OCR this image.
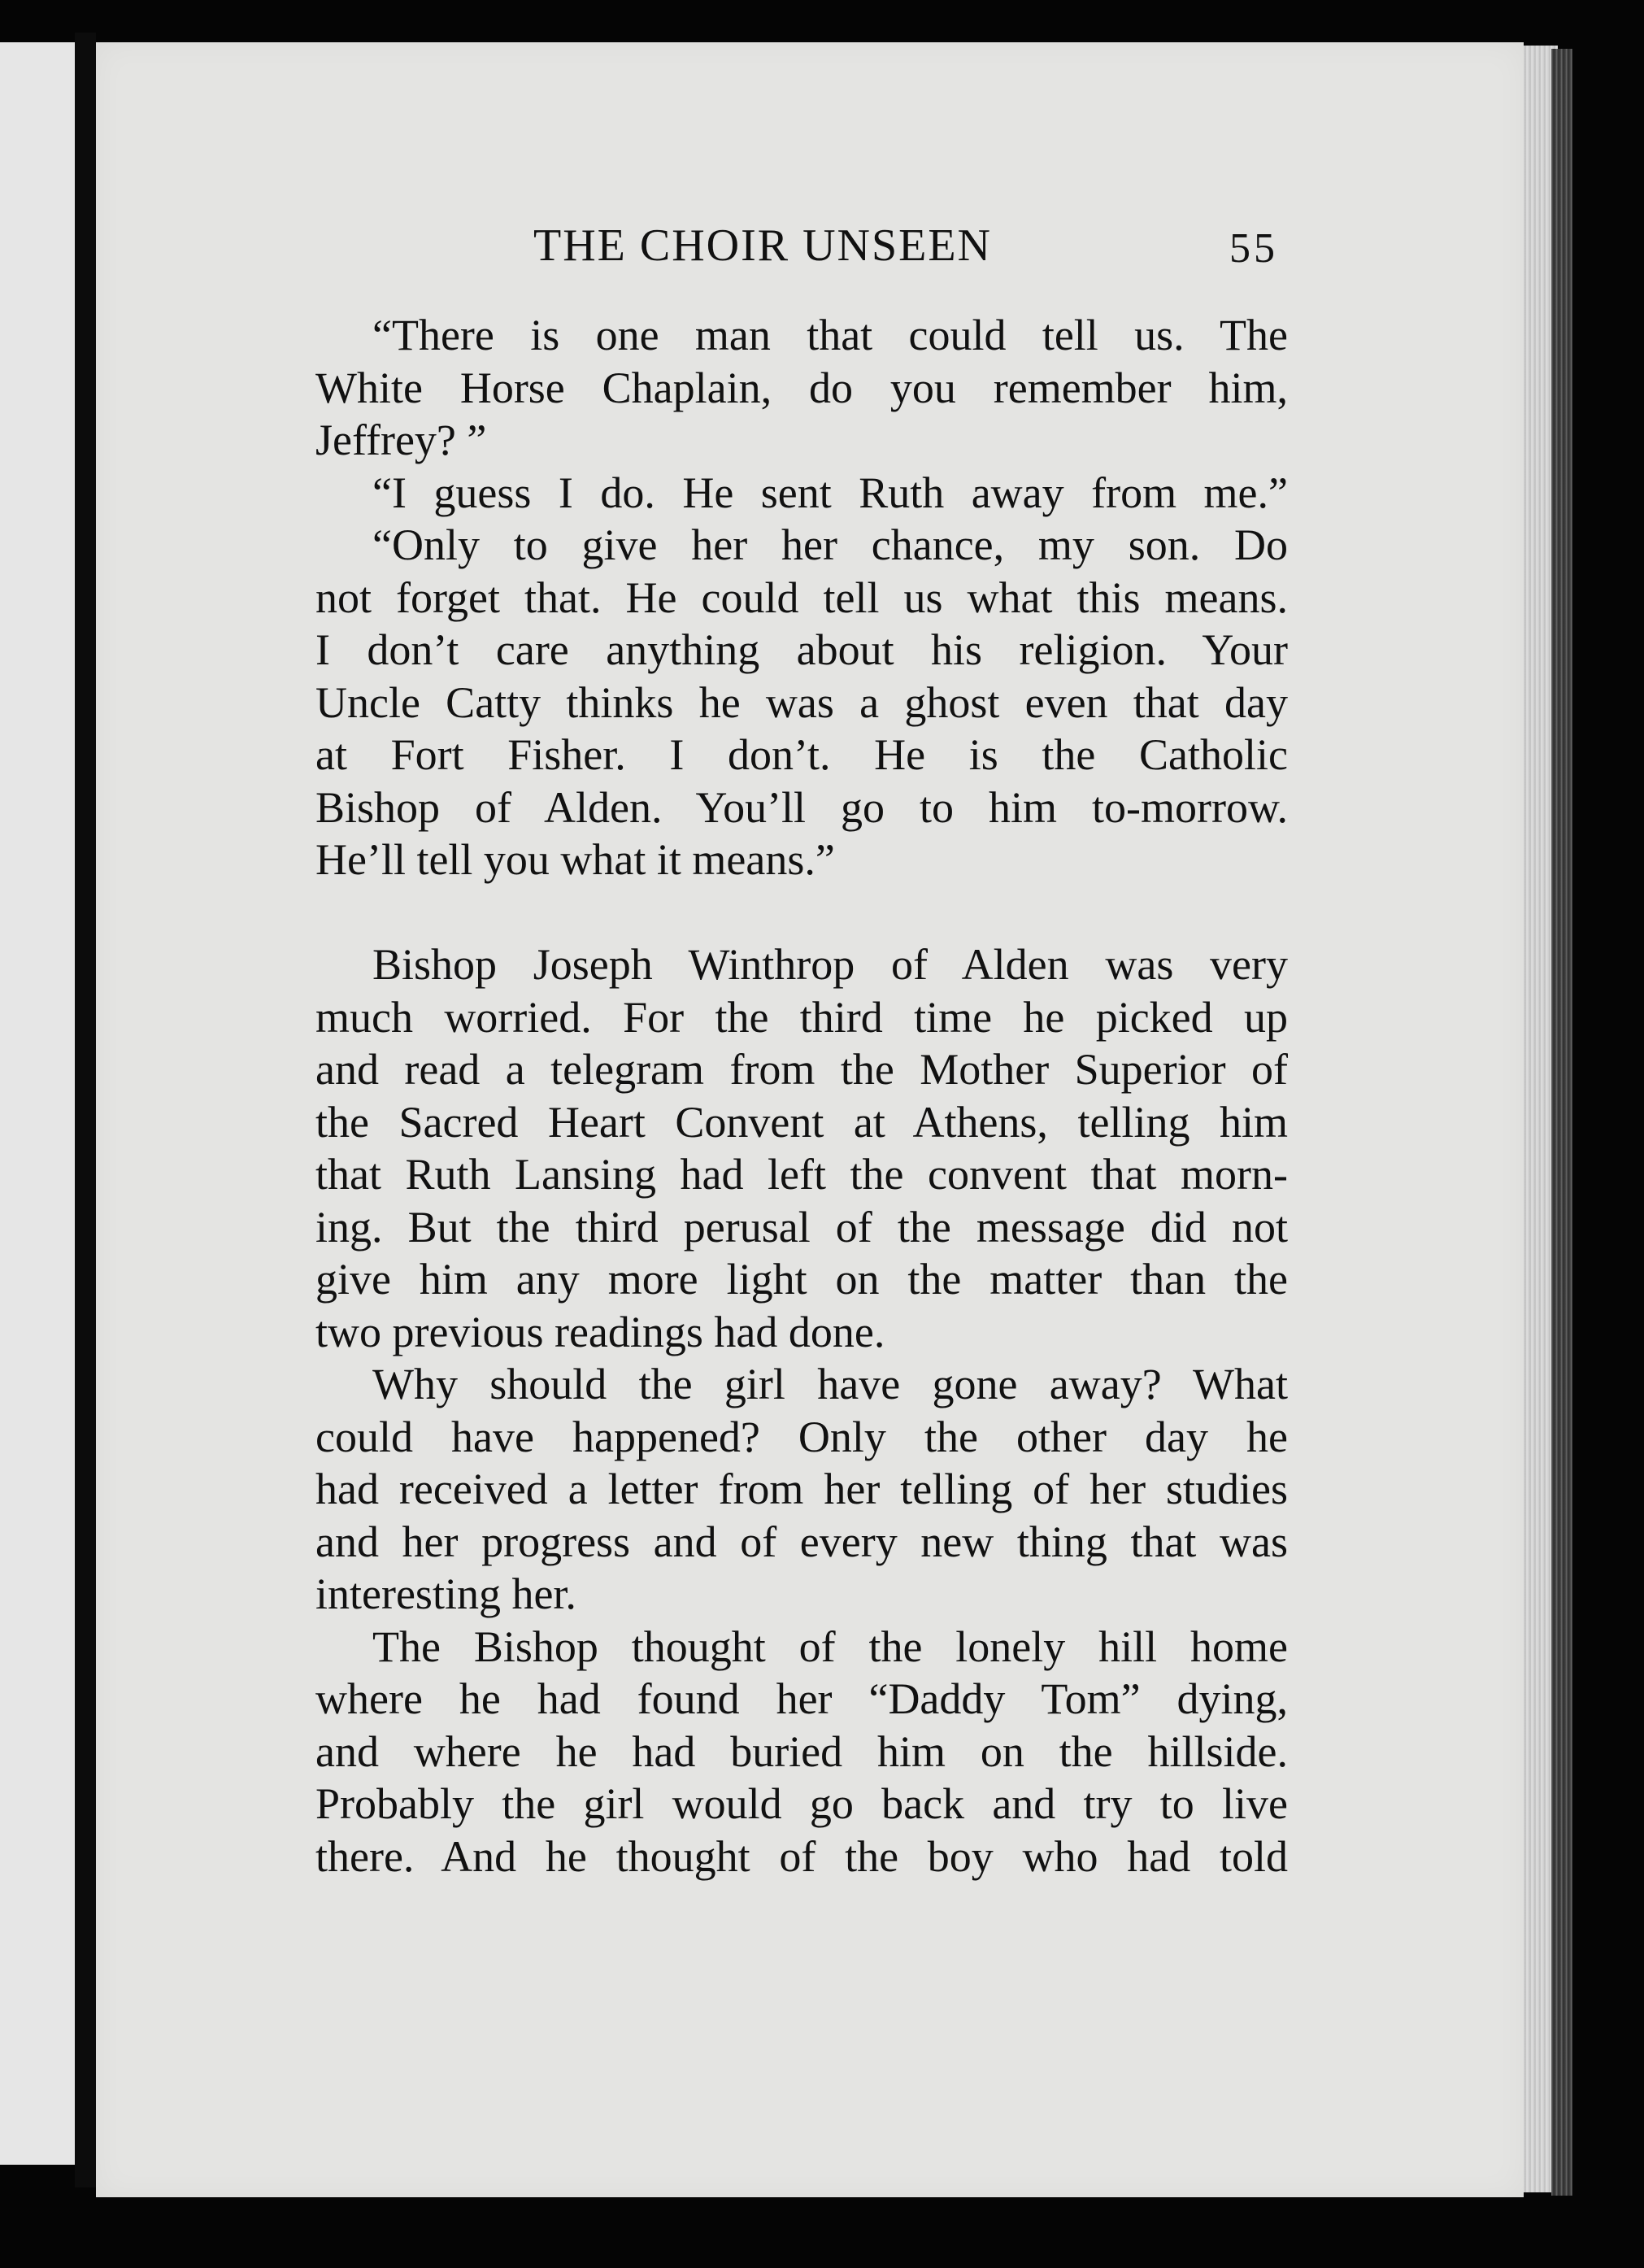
THE CHOIR UNSEEN	55
“There is one man that could tell us. The
White Horse Chaplain, do you remember him,
Jeffrey? ”
“I guess I do. He sent Ruth away from me.”
“Only to give her her chance, my son. Do
not forget that. He could tell us what this means.
I don’t care anything about his religion. Your
Uncle Catty thinks he was a ghost even that day
at Fort Fisher. I don’t. He is the Catholic
Bishop of Alden. You’ll go to him to-morrow.
He’ll tell you what it means.”
Bishop Joseph Winthrop of Alden was very
much worried. For the third time he picked up
and read a telegram from the Mother Superior of
the Sacred Heart Convent at Athens, telling him
that Ruth Lansing had left the convent that morn-
ing. But the third perusal of the message did not
give him any more light on the matter than the
two previous readings had done.
Why should the girl have gone away? What
could have happened? Only the other day he
had received a letter from her telling of her studies
and her progress and of every new thing that was
interesting her.
The Bishop thought of the lonely hill home
where he had found her “Daddy Tom” dying,
and where he had buried him on the hillside.
Probably the girl would go back and try to live
there. And he thought of the boy who had told
